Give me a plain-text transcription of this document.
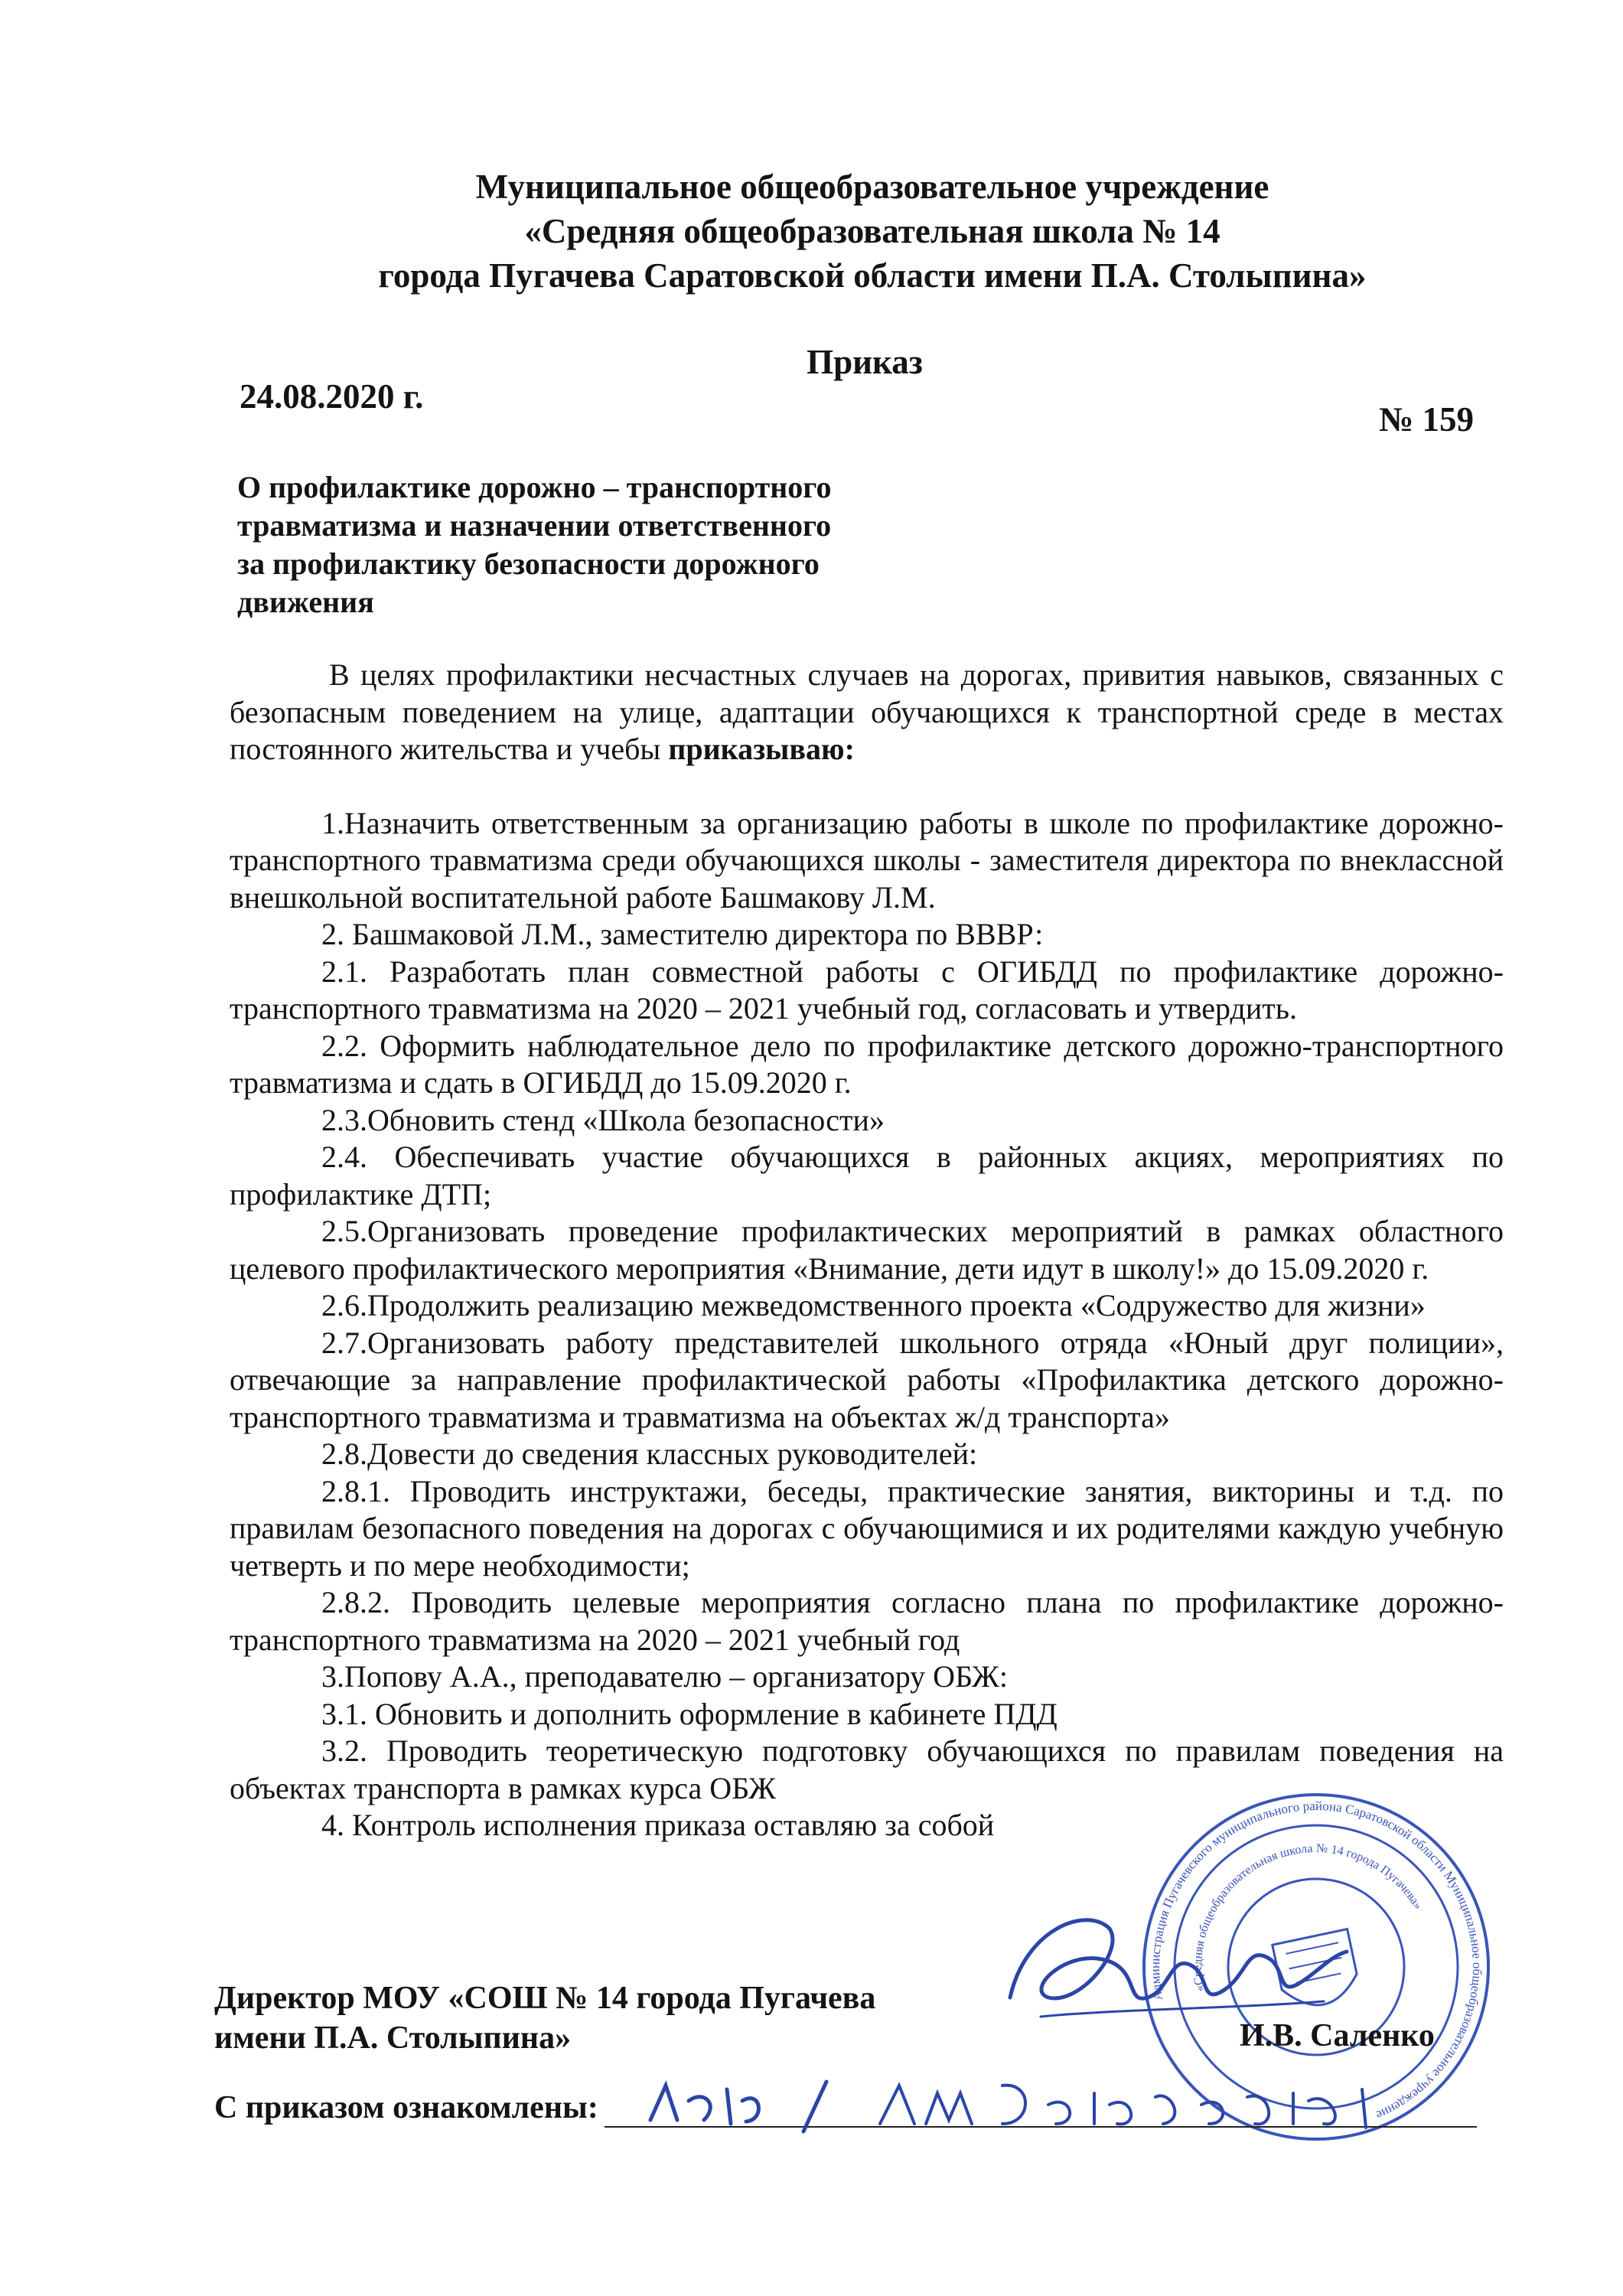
Муниципальное общеобразовательное учреждение
«Средняя общеобразовательная школа № 14
города Пугачева Саратовской области имени П.А. Столыпина»
Приказ
24.08.2020 г.
№ 159
О профилактике дорожно – транспортного
травматизма и назначении ответственного
за профилактику безопасности дорожного
движения

В целях профилактики несчастных случаев на дорогах, привития навыков, связанных с безопасным поведением на улице, адаптации обучающихся к транспортной среде в местах постоянного жительства и учебы приказываю:

1.Назначить ответственным за организацию работы в школе по профилактике дорожно-транспортного травматизма среди обучающихся школы - заместителя директора по внеклассной внешкольной воспитательной работе Башмакову Л.М.

2. Башмаковой Л.М., заместителю директора по ВВВР:

2.1. Разработать план совместной работы с ОГИБДД по профилактике дорожно-транспортного травматизма на 2020 – 2021 учебный год, согласовать и утвердить.

2.2. Оформить наблюдательное дело по профилактике детского дорожно-транспортного травматизма и сдать в ОГИБДД до 15.09.2020 г.

2.3.Обновить стенд «Школа безопасности»

2.4. Обеспечивать участие обучающихся в районных акциях, мероприятиях по профилактике ДТП;

2.5.Организовать проведение профилактических мероприятий в рамках областного целевого профилактического мероприятия «Внимание, дети идут в школу!» до 15.09.2020 г.

2.6.Продолжить реализацию межведомственного проекта «Содружество для жизни»

2.7.Организовать работу представителей школьного отряда «Юный друг полиции», отвечающие за направление профилактической работы «Профилактика детского дорожно-транспортного травматизма и травматизма на объектах ж/д транспорта»

2.8.Довести до сведения классных руководителей:

2.8.1. Проводить инструктажи, беседы, практические занятия, викторины и т.д. по правилам безопасного поведения на дорогах с обучающимися и их родителями каждую учебную четверть и по мере необходимости;

2.8.2. Проводить целевые мероприятия согласно плана по профилактике дорожно-транспортного травматизма на 2020 – 2021 учебный год

3.Попову А.А., преподавателю – организатору ОБЖ:

3.1. Обновить и дополнить оформление в кабинете ПДД

3.2. Проводить теоретическую подготовку обучающихся по правилам поведения на объектах транспорта в рамках курса ОБЖ

4. Контроль исполнения приказа оставляю за собой

Администрация Пугачевского муниципального района Саратовской области Муниципальное общеобразовательное учреждение
«Средняя общеобразовательная школа № 14 города Пугачева»
Директор МОУ «СОШ № 14 города Пугачева
имени П.А. Столыпина»	И.В. Саленко
С приказом ознакомлены:
